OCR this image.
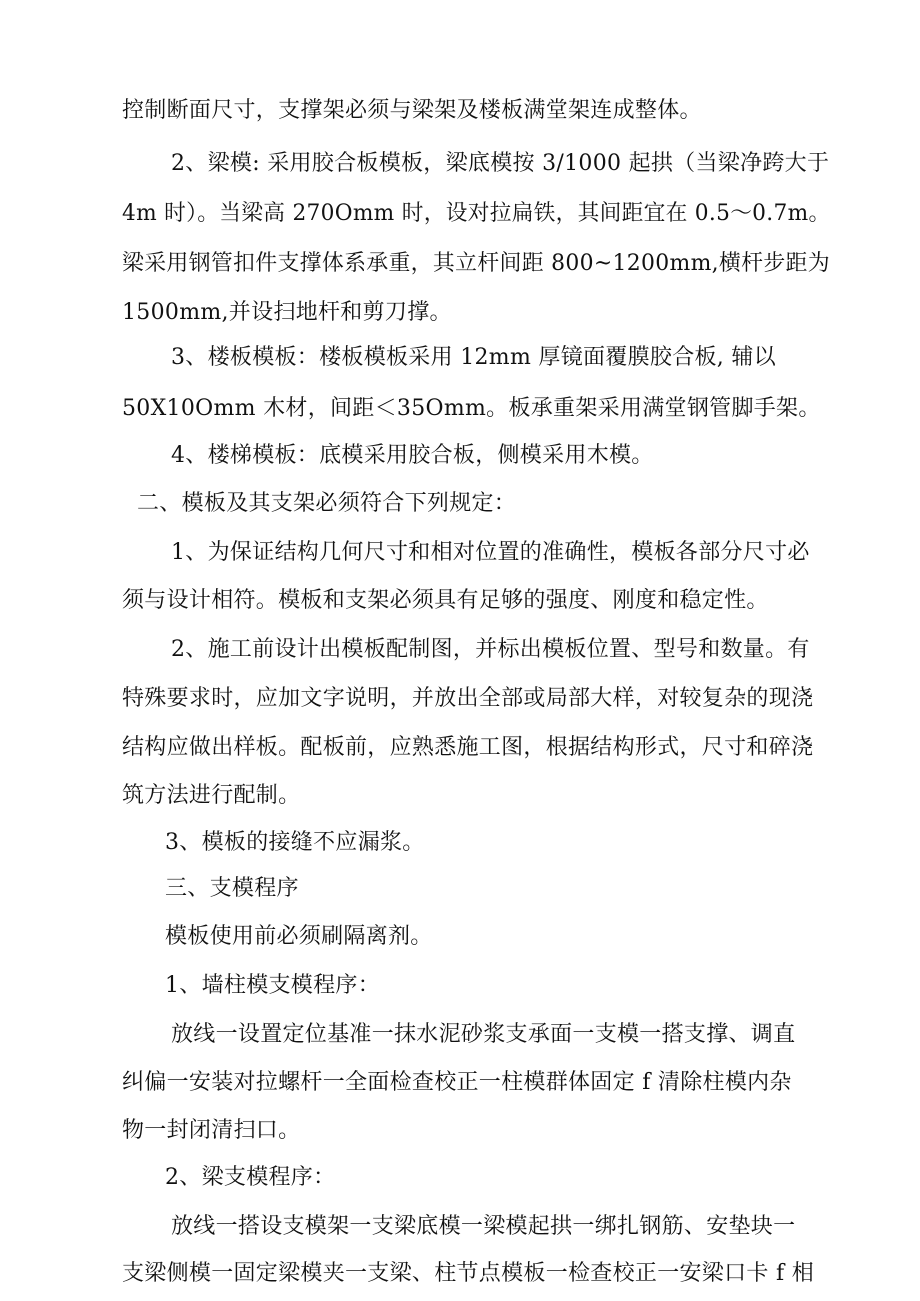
控制断面尺寸，支撑架必须与梁架及楼板满堂架连成整体。
2、梁模: 采用胶合板模板，梁底模按 3/1000 起拱（当梁净跨大于
4m 时）。当梁高 270Omm 时，设对拉扁铁，其间距宜在 0.5～0.7m。
梁采用钢管扣件支撑体系承重，其立杆间距 800~1200mm,横杆步距为
1500mm,并设扫地杆和剪刀撑。
3、楼板模板：楼板模板采用 12mm 厚镜面覆膜胶合板, 辅以
50X10Omm 木材，间距＜35Omm。板承重架采用满堂钢管脚手架。
4、楼梯模板：底模采用胶合板，侧模采用木模。
二、模板及其支架必须符合下列规定：
1、为保证结构几何尺寸和相对位置的准确性，模板各部分尺寸必
须与设计相符。模板和支架必须具有足够的强度、刚度和稳定性。
2、施工前设计出模板配制图，并标出模板位置、型号和数量。有
特殊要求时，应加文字说明，并放出全部或局部大样，对较复杂的现浇
结构应做出样板。配板前，应熟悉施工图，根据结构形式，尺寸和碎浇
筑方法进行配制。
3、模板的接缝不应漏浆。
三、支模程序
模板使用前必须刷隔离剂。
1、墙柱模支模程序：
放线一设置定位基准一抹水泥砂浆支承面一支模一搭支撑、调直
纠偏一安装对拉螺杆一全面检查校正一柱模群体固定 f 清除柱模内杂
物一封闭清扫口。
2、梁支模程序：
放线一搭设支模架一支梁底模一梁模起拱一绑扎钢筋、安垫块一
支梁侧模一固定梁模夹一支梁、柱节点模板一检查校正一安梁口卡 f 相
